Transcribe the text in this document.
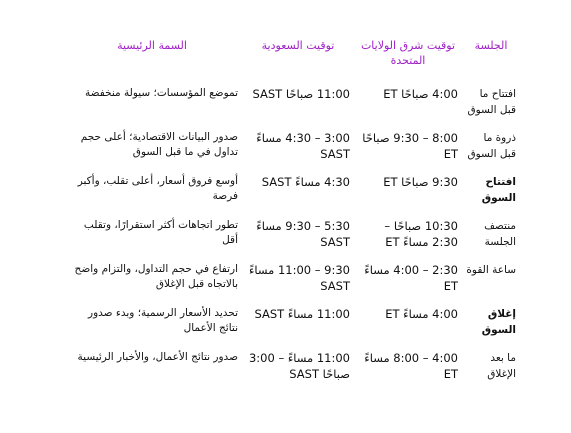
الجلسة	توقيت شرق الولايات المتحدة	توقيت السعودية	السمة الرئيسية
افتتاح ما قبل السوق	4:00 صباحًا ET	11:00 صباحًا SAST	تموضع المؤسسات؛ سيولة منخفضة
ذروة ما قبل السوق	8:00 – 9:30 صباحًا ET	3:00 – 4:30 مساءً SAST	صدور البيانات الاقتصادية؛ أعلى حجم تداول في ما قبل السوق
افتتاح السوق	9:30 صباحًا ET	4:30 مساءً SAST	أوسع فروق أسعار، أعلى تقلب، وأكبر فرصة
منتصف الجلسة	10:30 صباحًا – 2:30 مساءً ET	5:30 – 9:30 مساءً SAST	تطور اتجاهات أكثر استقرارًا، وتقلب أقل
ساعة القوة	2:30 – 4:00 مساءً ET	9:30 – 11:00 مساءً SAST	ارتفاع في حجم التداول، والتزام واضح بالاتجاه قبل الإغلاق
إغلاق السوق	4:00 مساءً ET	11:00 مساءً SAST	تحديد الأسعار الرسمية؛ وبدء صدور نتائج الأعمال
ما بعد الإغلاق	4:00 – 8:00 مساءً ET	11:00 مساءً – 3:00 صباحًا SAST	صدور نتائج الأعمال، والأخبار الرئيسية
